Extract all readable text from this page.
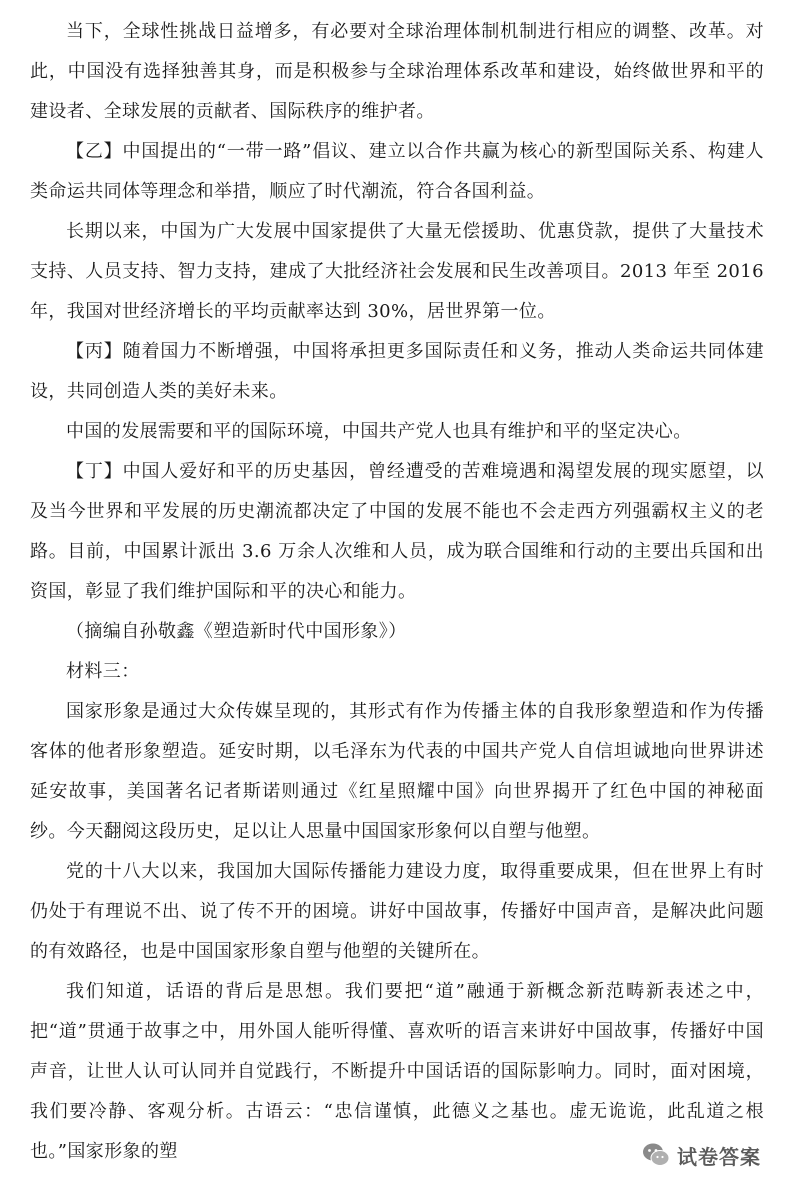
当下，全球性挑战日益增多，有必要对全球治理体制机制进行相应的调整、改革。对此，中国没有选择独善其身，而是积极参与全球治理体系改革和建设，始终做世界和平的建设者、全球发展的贡献者、国际秩序的维护者。

【乙】中国提出的“一带一路”倡议、建立以合作共赢为核心的新型国际关系、构建人类命运共同体等理念和举措，顺应了时代潮流，符合各国利益。

长期以来，中国为广大发展中国家提供了大量无偿援助、优惠贷款，提供了大量技术支持、人员支持、智力支持，建成了大批经济社会发展和民生改善项目。2013 年至 2016 年，我国对世经济增长的平均贡献率达到 30%，居世界第一位。

【丙】随着国力不断增强，中国将承担更多国际责任和义务，推动人类命运共同体建设，共同创造人类的美好未来。

中国的发展需要和平的国际环境，中国共产党人也具有维护和平的坚定决心。

【丁】中国人爱好和平的历史基因，曾经遭受的苦难境遇和渴望发展的现实愿望，以及当今世界和平发展的历史潮流都决定了中国的发展不能也不会走西方列强霸权主义的老路。目前，中国累计派出 3.6 万余人次维和人员，成为联合国维和行动的主要出兵国和出资国，彰显了我们维护国际和平的决心和能力。

（摘编自孙敬鑫《塑造新时代中国形象》）

材料三：

国家形象是通过大众传媒呈现的，其形式有作为传播主体的自我形象塑造和作为传播客体的他者形象塑造。延安时期，以毛泽东为代表的中国共产党人自信坦诚地向世界讲述延安故事，美国著名记者斯诺则通过《红星照耀中国》向世界揭开了红色中国的神秘面纱。今天翻阅这段历史，足以让人思量中国国家形象何以自塑与他塑。

党的十八大以来，我国加大国际传播能力建设力度，取得重要成果，但在世界上有时仍处于有理说不出、说了传不开的困境。讲好中国故事，传播好中国声音，是解决此问题的有效路径，也是中国国家形象自塑与他塑的关键所在。

我们知道，话语的背后是思想。我们要把“道”融通于新概念新范畴新表述之中，把“道”贯通于故事之中，用外国人能听得懂、喜欢听的语言来讲好中国故事，传播好中国声音，让世人认可认同并自觉践行，不断提升中国话语的国际影响力。同时，面对困境，我们要冷静、客观分析。古语云：“忠信谨慎，此德义之基也。虚无诡诡，此乱道之根也。”国家形象的塑	试卷答案
